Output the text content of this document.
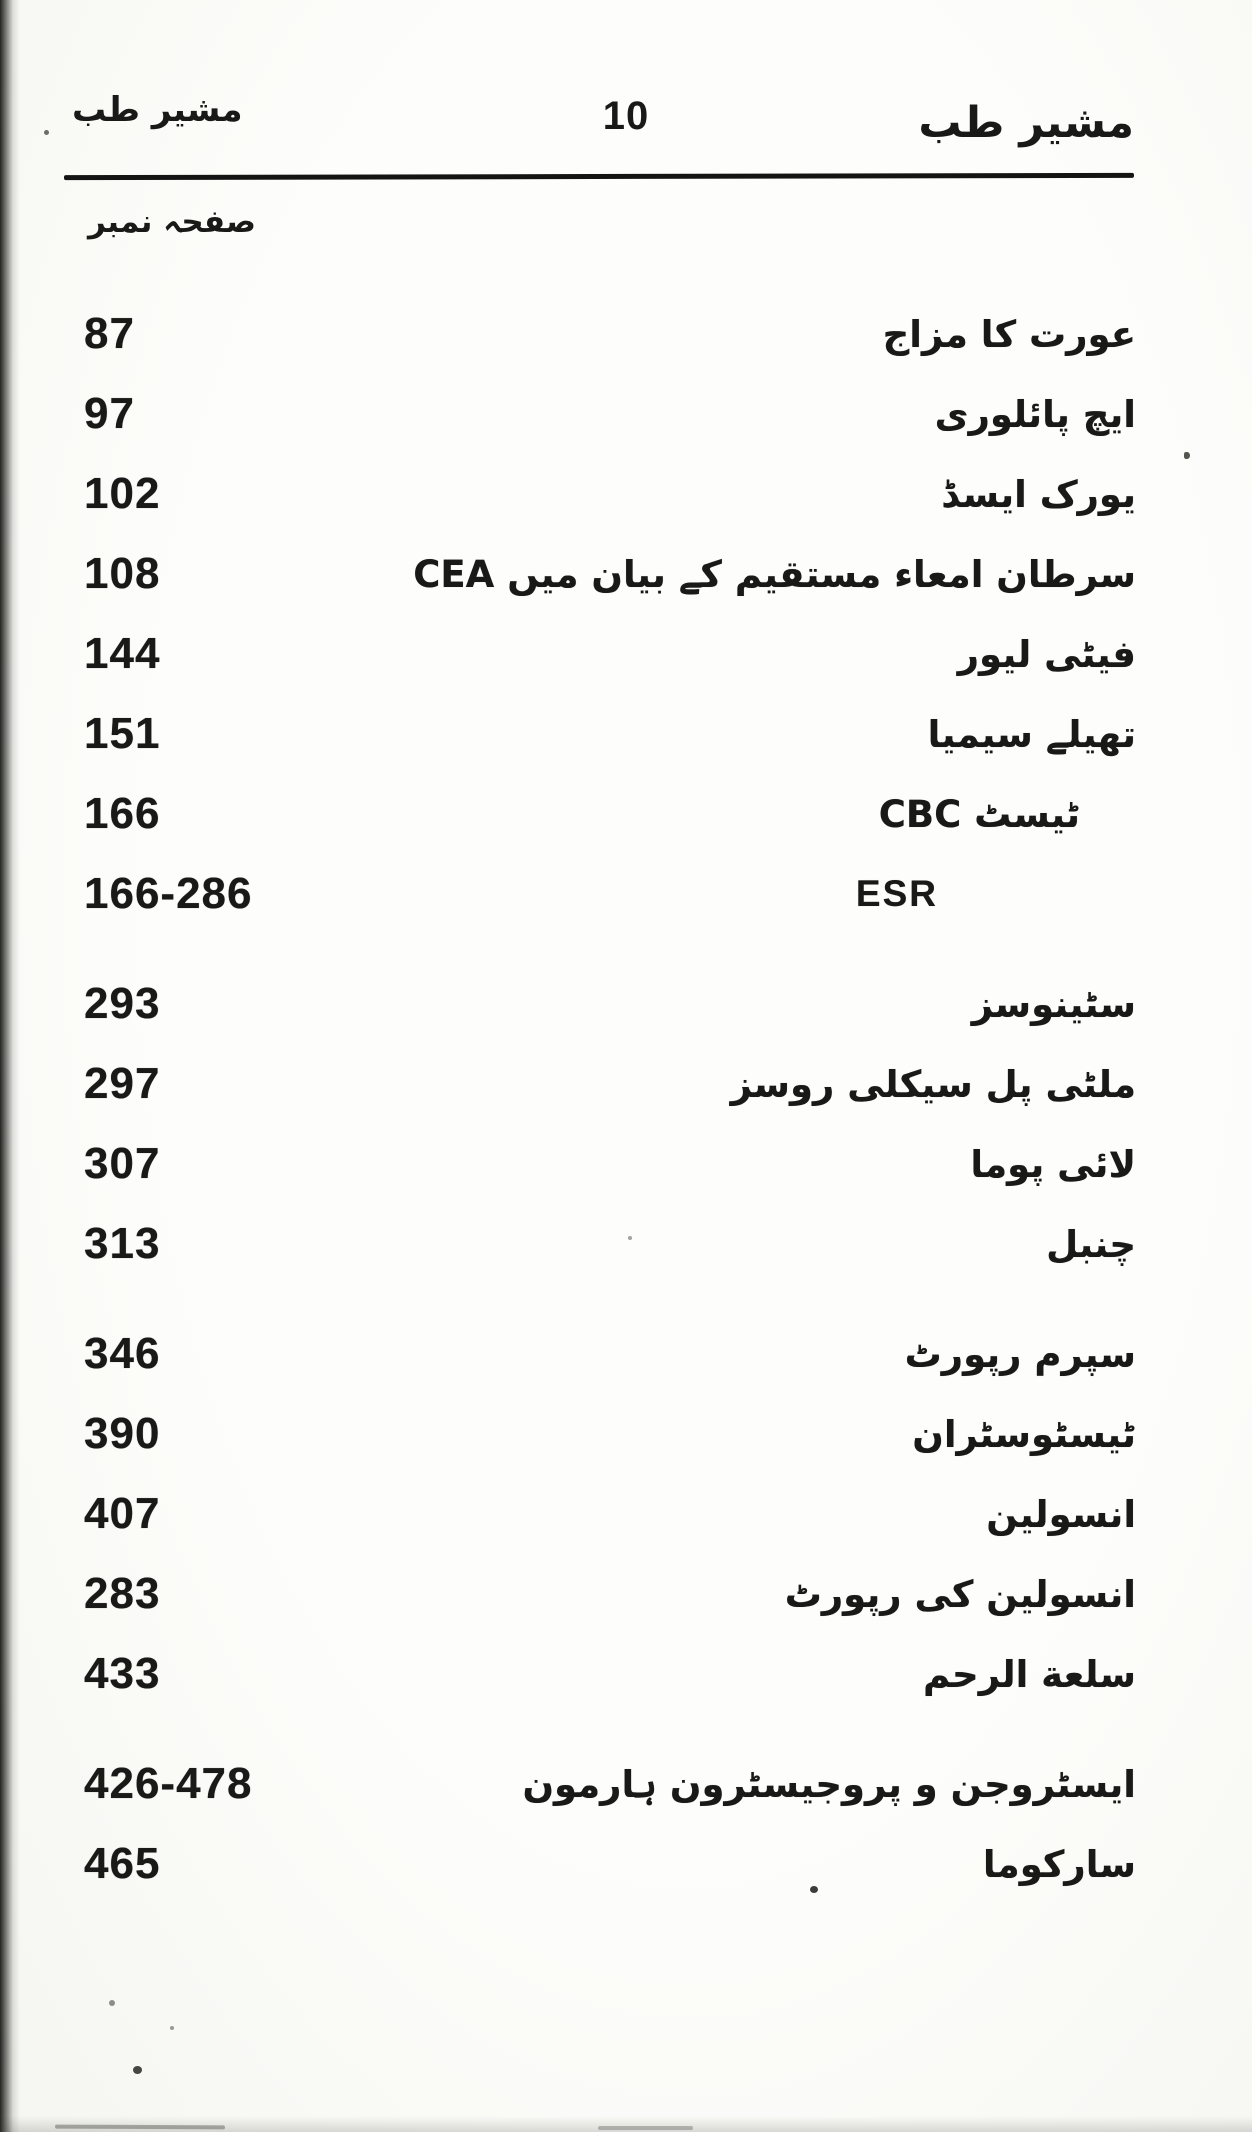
مشیر طب	10	مشیر طب
صفحہ نمبر
87	عورت کا مزاج
97	ایچ پائلوری
102	یورک ایسڈ
108	سرطان امعاء مستقیم کے بیان میں CEA
144	فیٹی لیور
151	تھیلے سیمیا
166	ٹیسٹ CBC
166-286	ESR
293	سٹینوسز
297	ملٹی پل سیکلی روسز
307	لائی پوما
313	چنبل
346	سپرم رپورٹ
390	ٹیسٹوسٹران
407	انسولین
283	انسولین کی رپورٹ
433	سلعة الرحم
426-478	ایسٹروجن و پروجیسٹرون ہارمون
465	سارکوما
